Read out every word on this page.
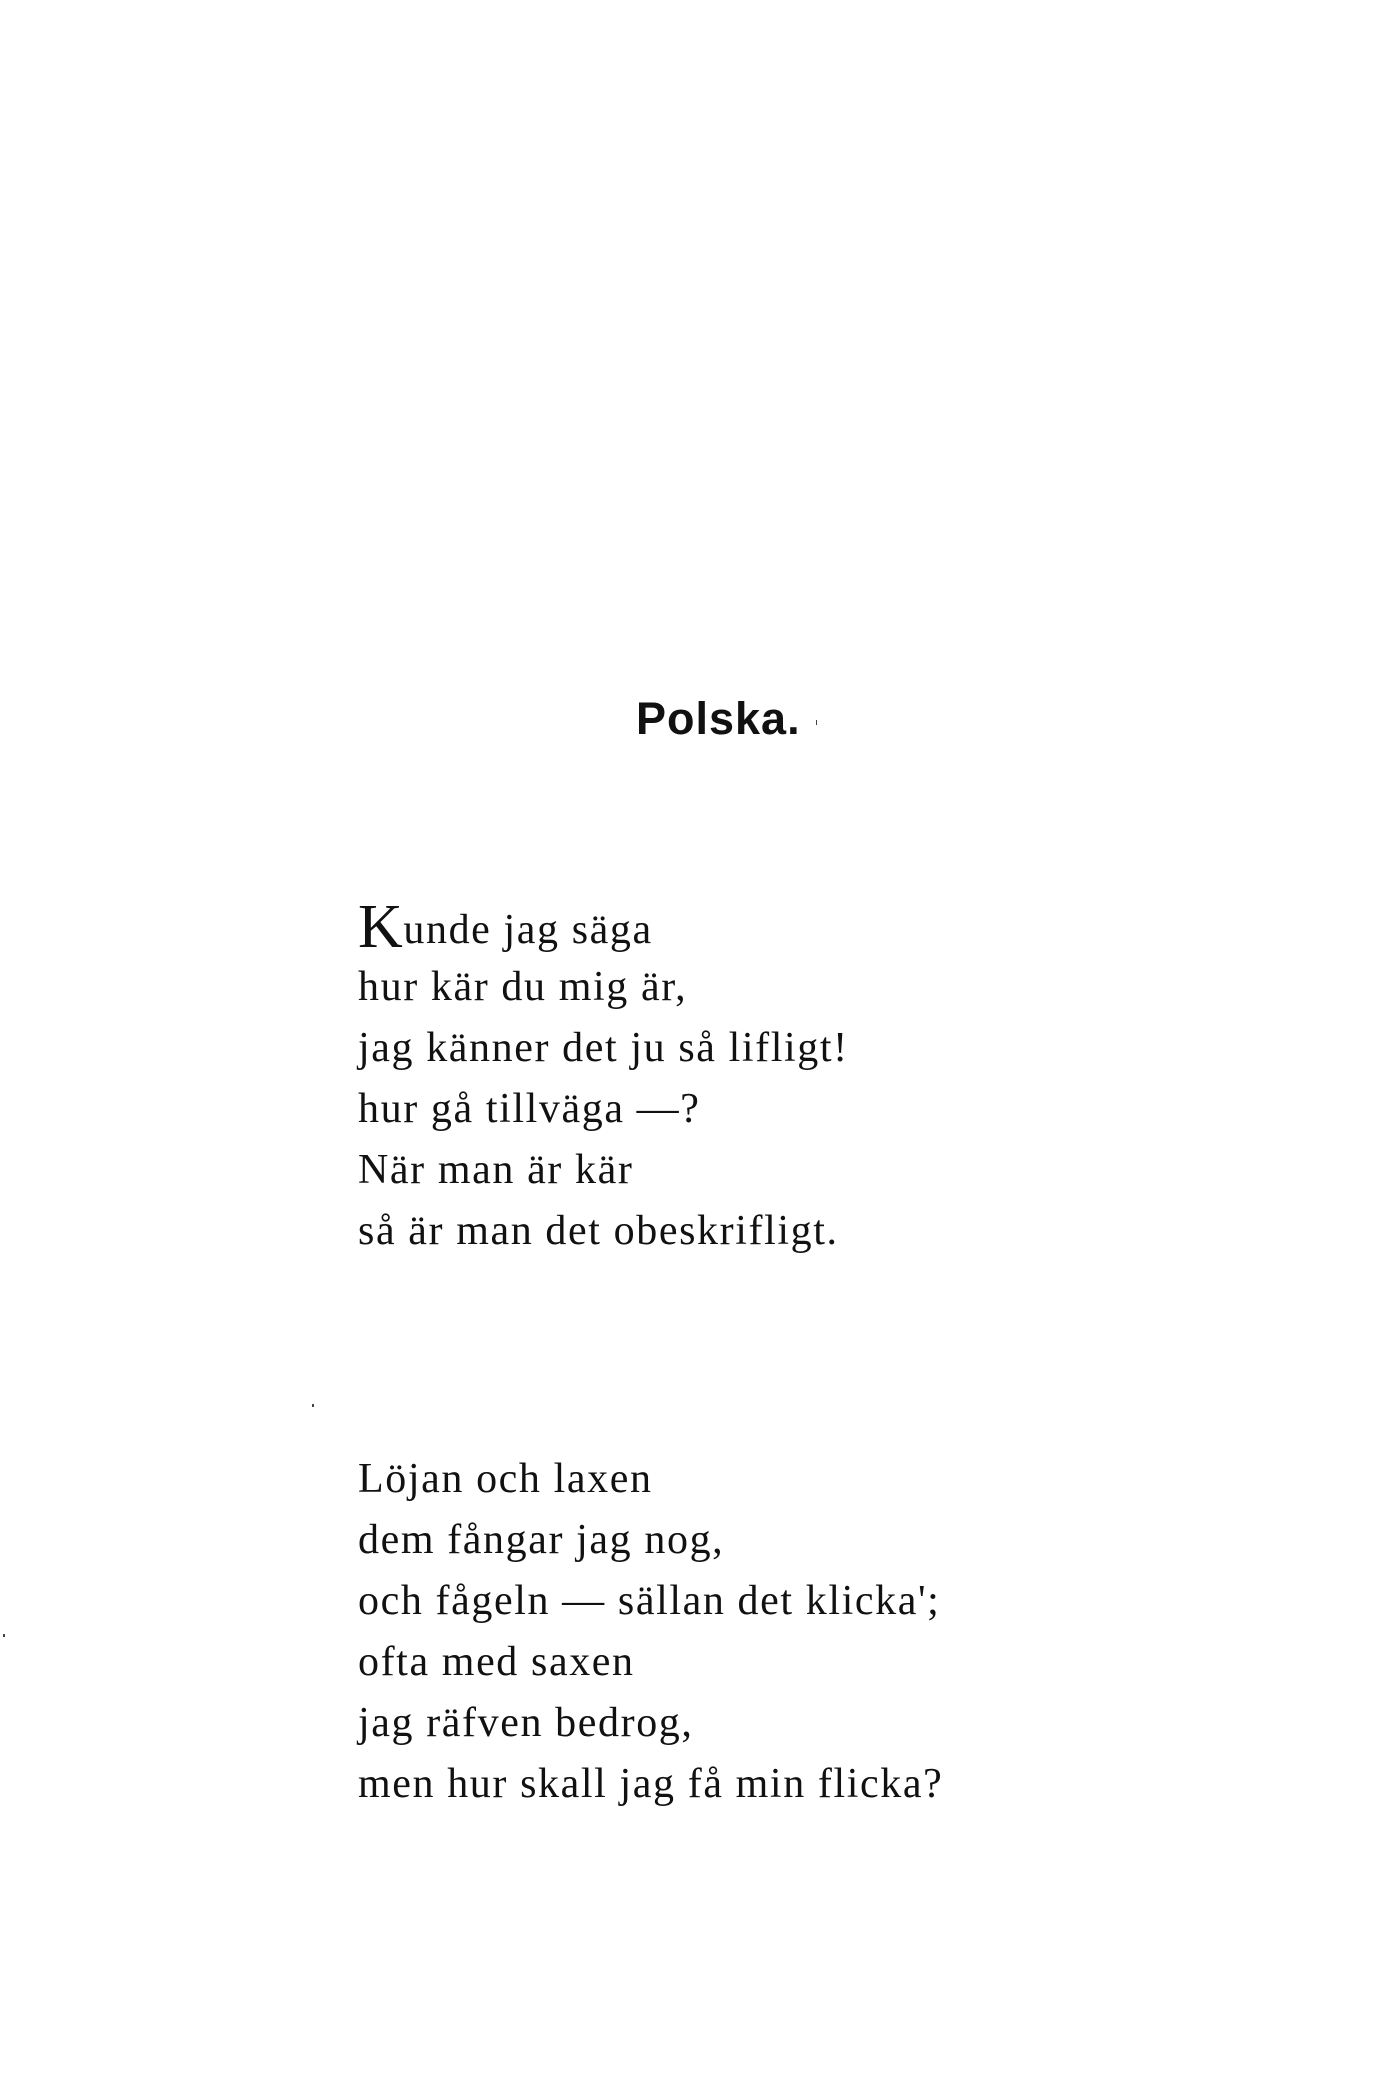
Polska.
Kunde jag säga
hur kär du mig är,
jag känner det ju så lifligt!
hur gå tillväga —?
När man är kär
så är man det obeskrifligt.
Löjan och laxen
dem fångar jag nog,
och fågeln — sällan det klicka';
ofta med saxen
jag räfven bedrog,
men hur skall jag få min flicka?
